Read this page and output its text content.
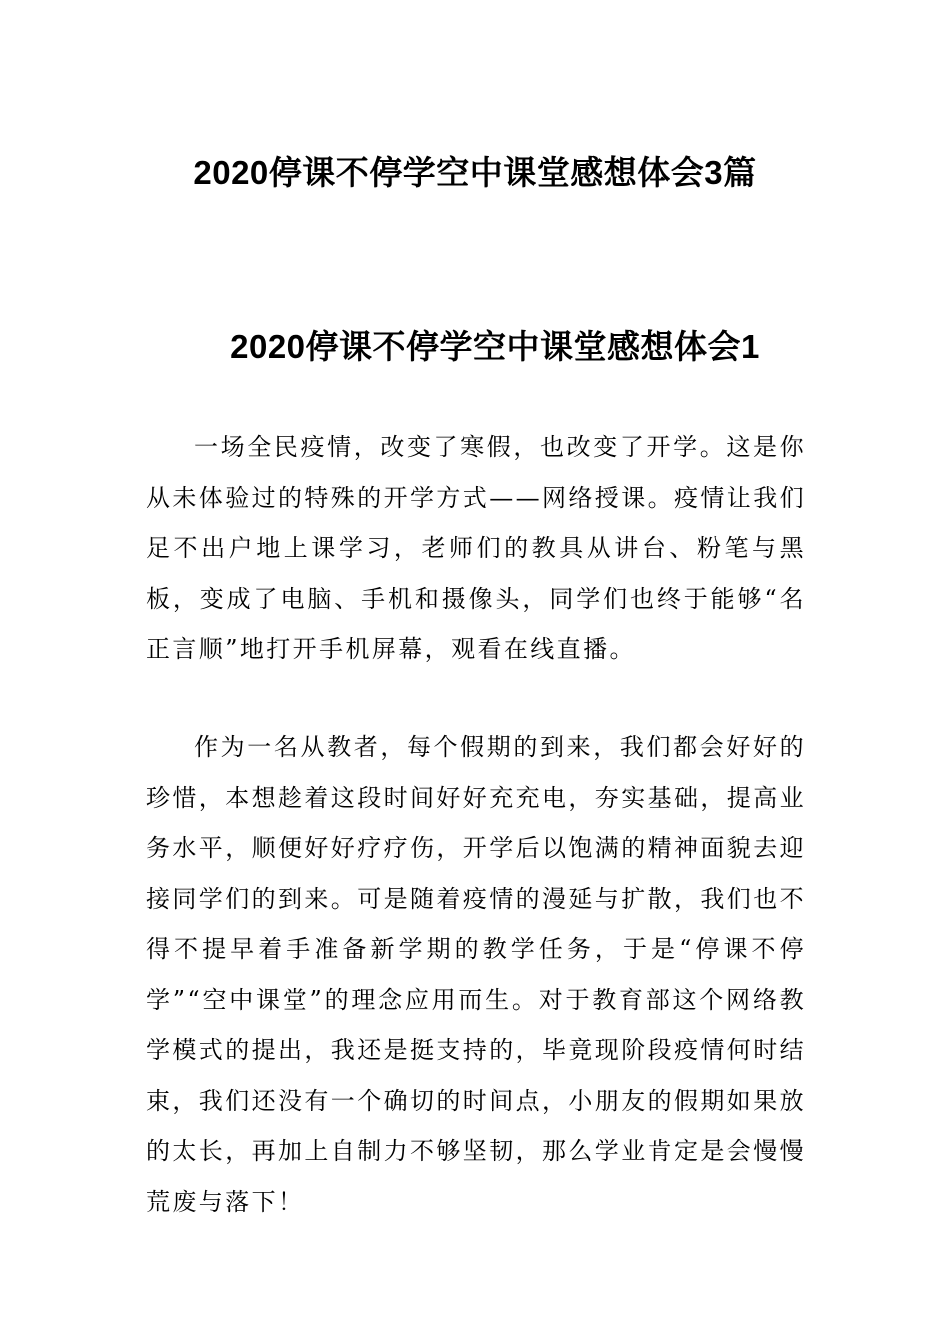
2020停课不停学空中课堂感想体会3篇
2020停课不停学空中课堂感想体会1

一场全民疫情，改变了寒假，也改变了开学。这是你从未体验过的特殊的开学方式——网络授课。疫情让我们足不出户地上课学习，老师们的教具从讲台、粉笔与黑板，变成了电脑、手机和摄像头，同学们也终于能够“名正言顺”地打开手机屏幕，观看在线直播。

作为一名从教者，每个假期的到来，我们都会好好的珍惜，本想趁着这段时间好好充充电，夯实基础，提高业务水平，顺便好好疗疗伤，开学后以饱满的精神面貌去迎接同学们的到来。可是随着疫情的漫延与扩散，我们也不得不提早着手准备新学期的教学任务，于是“停课不停学”“空中课堂”的理念应用而生。对于教育部这个网络教学模式的提出，我还是挺支持的，毕竟现阶段疫情何时结束，我们还没有一个确切的时间点，小朋友的假期如果放的太长，再加上自制力不够坚韧，那么学业肯定是会慢慢荒废与落下！
